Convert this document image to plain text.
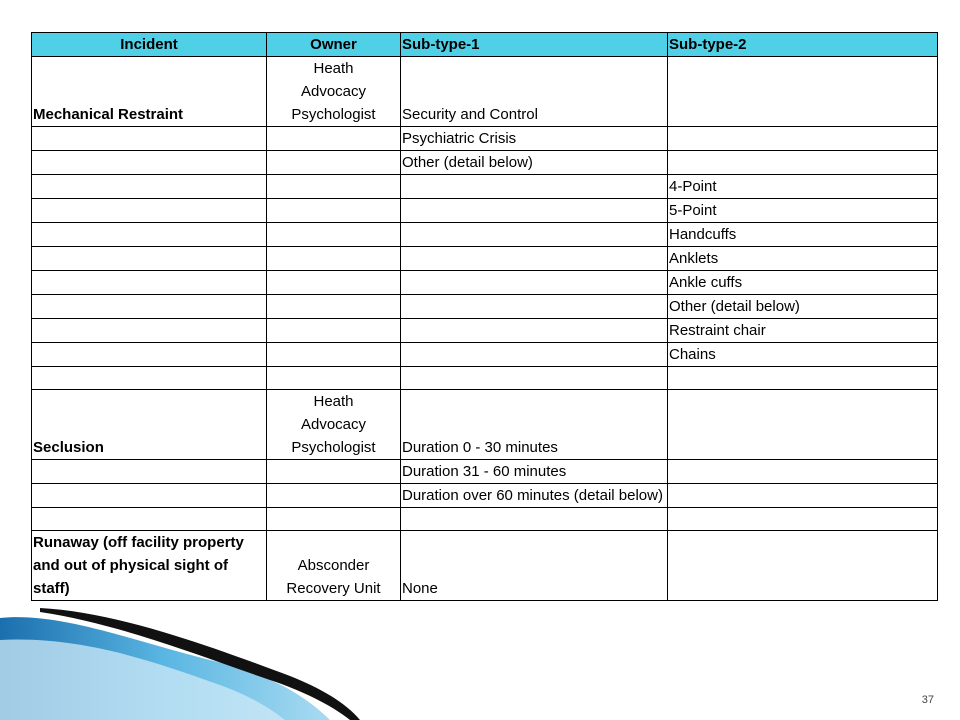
Incident	Owner	Sub-type-1	Sub-type-2
Mechanical Restraint	Heath
Advocacy
Psychologist	Security and Control	
		Psychiatric Crisis	
		Other (detail below)	
			4-Point
			5-Point
			Handcuffs
			Anklets
			Ankle cuffs
			Other (detail below)
			Restraint chair
			Chains

Seclusion	Heath
Advocacy
Psychologist	Duration 0 - 30 minutes	
		Duration 31 - 60 minutes	
		Duration over 60 minutes (detail below)	

Runaway (off facility property and out of physical sight of staff)	Absconder
Recovery Unit	None	
37
